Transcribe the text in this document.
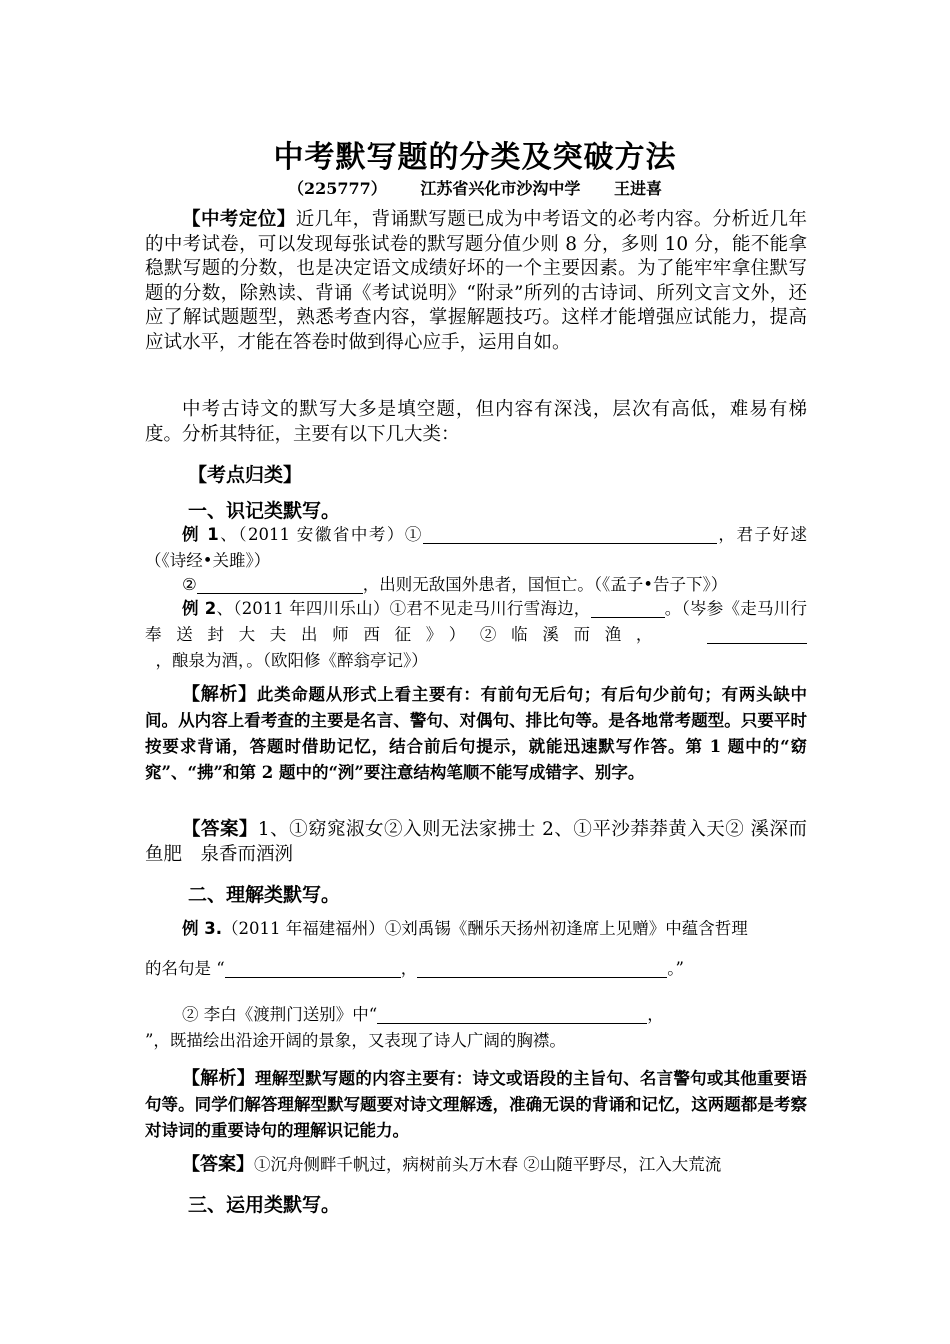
中考默写题的分类及突破方法
（225777） 江苏省兴化市沙沟中学 王进喜
【中考定位】近几年，背诵默写题已成为中考语文的必考内容。分析近几年的中考试卷，可以发现每张试卷的默写题分值少则 8 分，多则 10 分，能不能拿稳默写题的分数，也是决定语文成绩好坏的一个主要因素。为了能牢牢拿住默写题的分数，除熟读、背诵《考试说明》“附录”所列的古诗词、所列文言文外，还应了解试题题型，熟悉考查内容，掌握解题技巧。这样才能增强应试能力，提高应试水平，才能在答卷时做到得心应手，运用自如。
中考古诗文的默写大多是填空题，但内容有深浅，层次有高低，难易有梯度。分析其特征，主要有以下几大类：
【考点归类】
一、识记类默写。
例 1、（2011 安徽省中考）①	，君子好逑（《诗经•关雎》）
②	，出则无敌国外患者，国恒亡。（《孟子•告子下》）
例 2、（2011 年四川乐山）①君不见走马川行雪海边，	。（岑参《走马川行奉送封大夫出师西征》）②临溪而渔，    ，酿泉为酒，。（欧阳修《醉翁亭记》）
【解析】此类命题从形式上看主要有：有前句无后句；有后句少前句；有两头缺中间。从内容上看考查的主要是名言、警句、对偶句、排比句等。是各地常考题型。只要平时按要求背诵，答题时借助记忆，结合前后句提示，就能迅速默写作答。第 1 题中的“窈窕”、“拂”和第 2 题中的“洌”要注意结构笔顺不能写成错字、别字。
【答案】1、①窈窕淑女②入则无法家拂士 2、①平沙莽莽黄入天② 溪深而鱼肥　泉香而酒洌
二、理解类默写。
例 3.（2011 年福建福州）①刘禹锡《酬乐天扬州初逢席上见赠》中蕴含哲理
的名句是 “	，	。”
② 李白《渡荆门送别》中“	，
”，既描绘出沿途开阔的景象，又表现了诗人广阔的胸襟。
【解析】理解型默写题的内容主要有：诗文或语段的主旨句、名言警句或其他重要语句等。同学们解答理解型默写题要对诗文理解透，准确无误的背诵和记忆，这两题都是考察对诗词的重要诗句的理解识记能力。
【答案】①沉舟侧畔千帆过，病树前头万木春 ②山随平野尽，江入大荒流
三、运用类默写。
